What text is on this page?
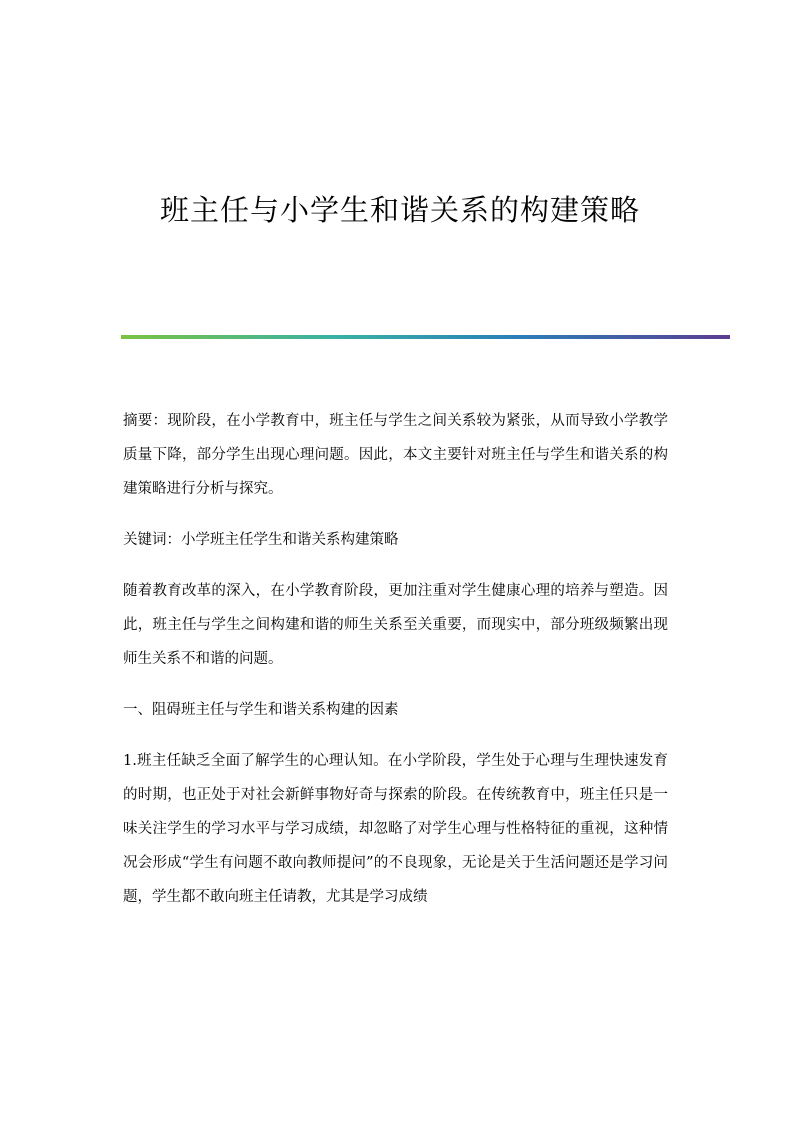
班主任与小学生和谐关系的构建策略

摘要：现阶段，在小学教育中，班主任与学生之间关系较为紧张，从而导致小学教学质量下降，部分学生出现心理问题。因此，本文主要针对班主任与学生和谐关系的构建策略进行分析与探究。

关键词：小学班主任学生和谐关系构建策略

随着教育改革的深入，在小学教育阶段，更加注重对学生健康心理的培养与塑造。因此，班主任与学生之间构建和谐的师生关系至关重要，而现实中，部分班级频繁出现师生关系不和谐的问题。

一、阻碍班主任与学生和谐关系构建的因素

1.班主任缺乏全面了解学生的心理认知。在小学阶段，学生处于心理与生理快速发育的时期，也正处于对社会新鲜事物好奇与探索的阶段。在传统教育中，班主任只是一味关注学生的学习水平与学习成绩，却忽略了对学生心理与性格特征的重视，这种情况会形成“学生有问题不敢向教师提问”的不良现象，无论是关于生活问题还是学习问题，学生都不敢向班主任请教，尤其是学习成绩
